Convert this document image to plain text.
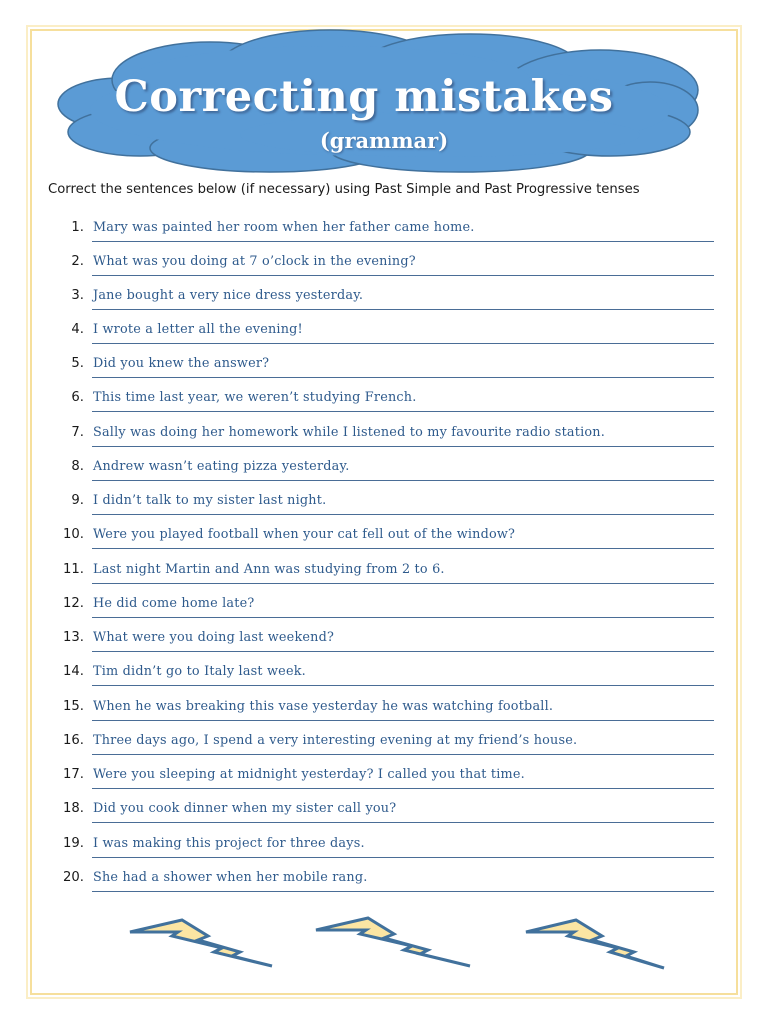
Correcting mistakes
(grammar)
Correct the sentences below (if necessary) using Past Simple and Past Progressive tenses
1. Mary was painted her room when her father came home.
2. What was you doing at 7 o’clock in the evening?
3. Jane bought a very nice dress yesterday.
4. I wrote a letter all the evening!
5. Did you knew the answer?
6. This time last year, we weren’t studying French.
7. Sally was doing her homework while I listened to my favourite radio station.
8. Andrew wasn’t eating pizza yesterday.
9. I didn’t talk to my sister last night.
10. Were you played football when your cat fell out of the window?
11. Last night Martin and Ann was studying from 2 to 6.
12. He did come home late?
13. What were you doing last weekend?
14. Tim didn’t go to Italy last week.
15. When he was breaking this vase yesterday he was watching football.
16. Three days ago, I spend a very interesting evening at my friend’s house.
17. Were you sleeping at midnight yesterday? I called you that time.
18. Did you cook dinner when my sister call you?
19. I was making this project for three days.
20. She had a shower when her mobile rang.
